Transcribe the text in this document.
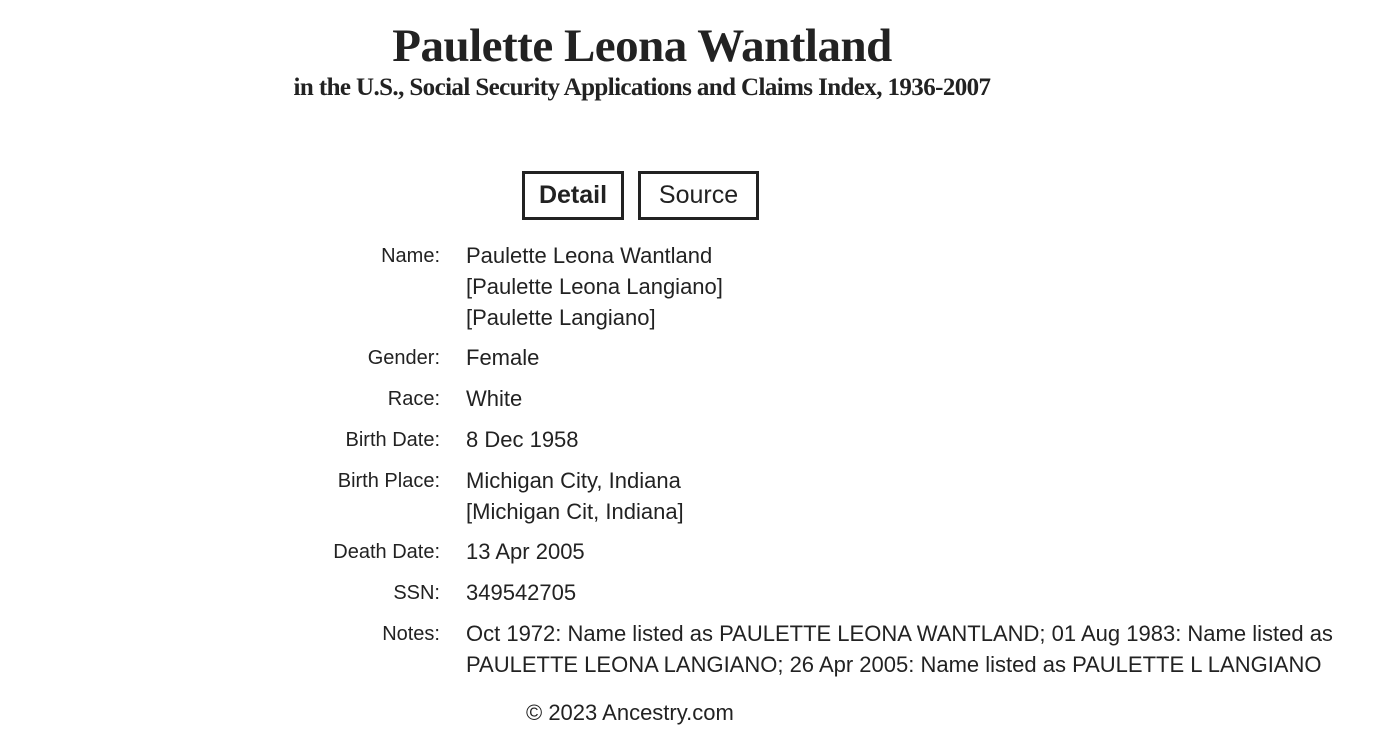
Paulette Leona Wantland
in the U.S., Social Security Applications and Claims Index, 1936-2007
Detail	Source
Name: Paulette Leona Wantland
[Paulette Leona Langiano]
[Paulette Langiano]
Gender: Female
Race: White
Birth Date: 8 Dec 1958
Birth Place: Michigan City, Indiana
[Michigan Cit, Indiana]
Death Date: 13 Apr 2005
SSN: 349542705
Notes: Oct 1972: Name listed as PAULETTE LEONA WANTLAND; 01 Aug 1983: Name listed as PAULETTE LEONA LANGIANO; 26 Apr 2005: Name listed as PAULETTE L LANGIANO
© 2023 Ancestry.com
